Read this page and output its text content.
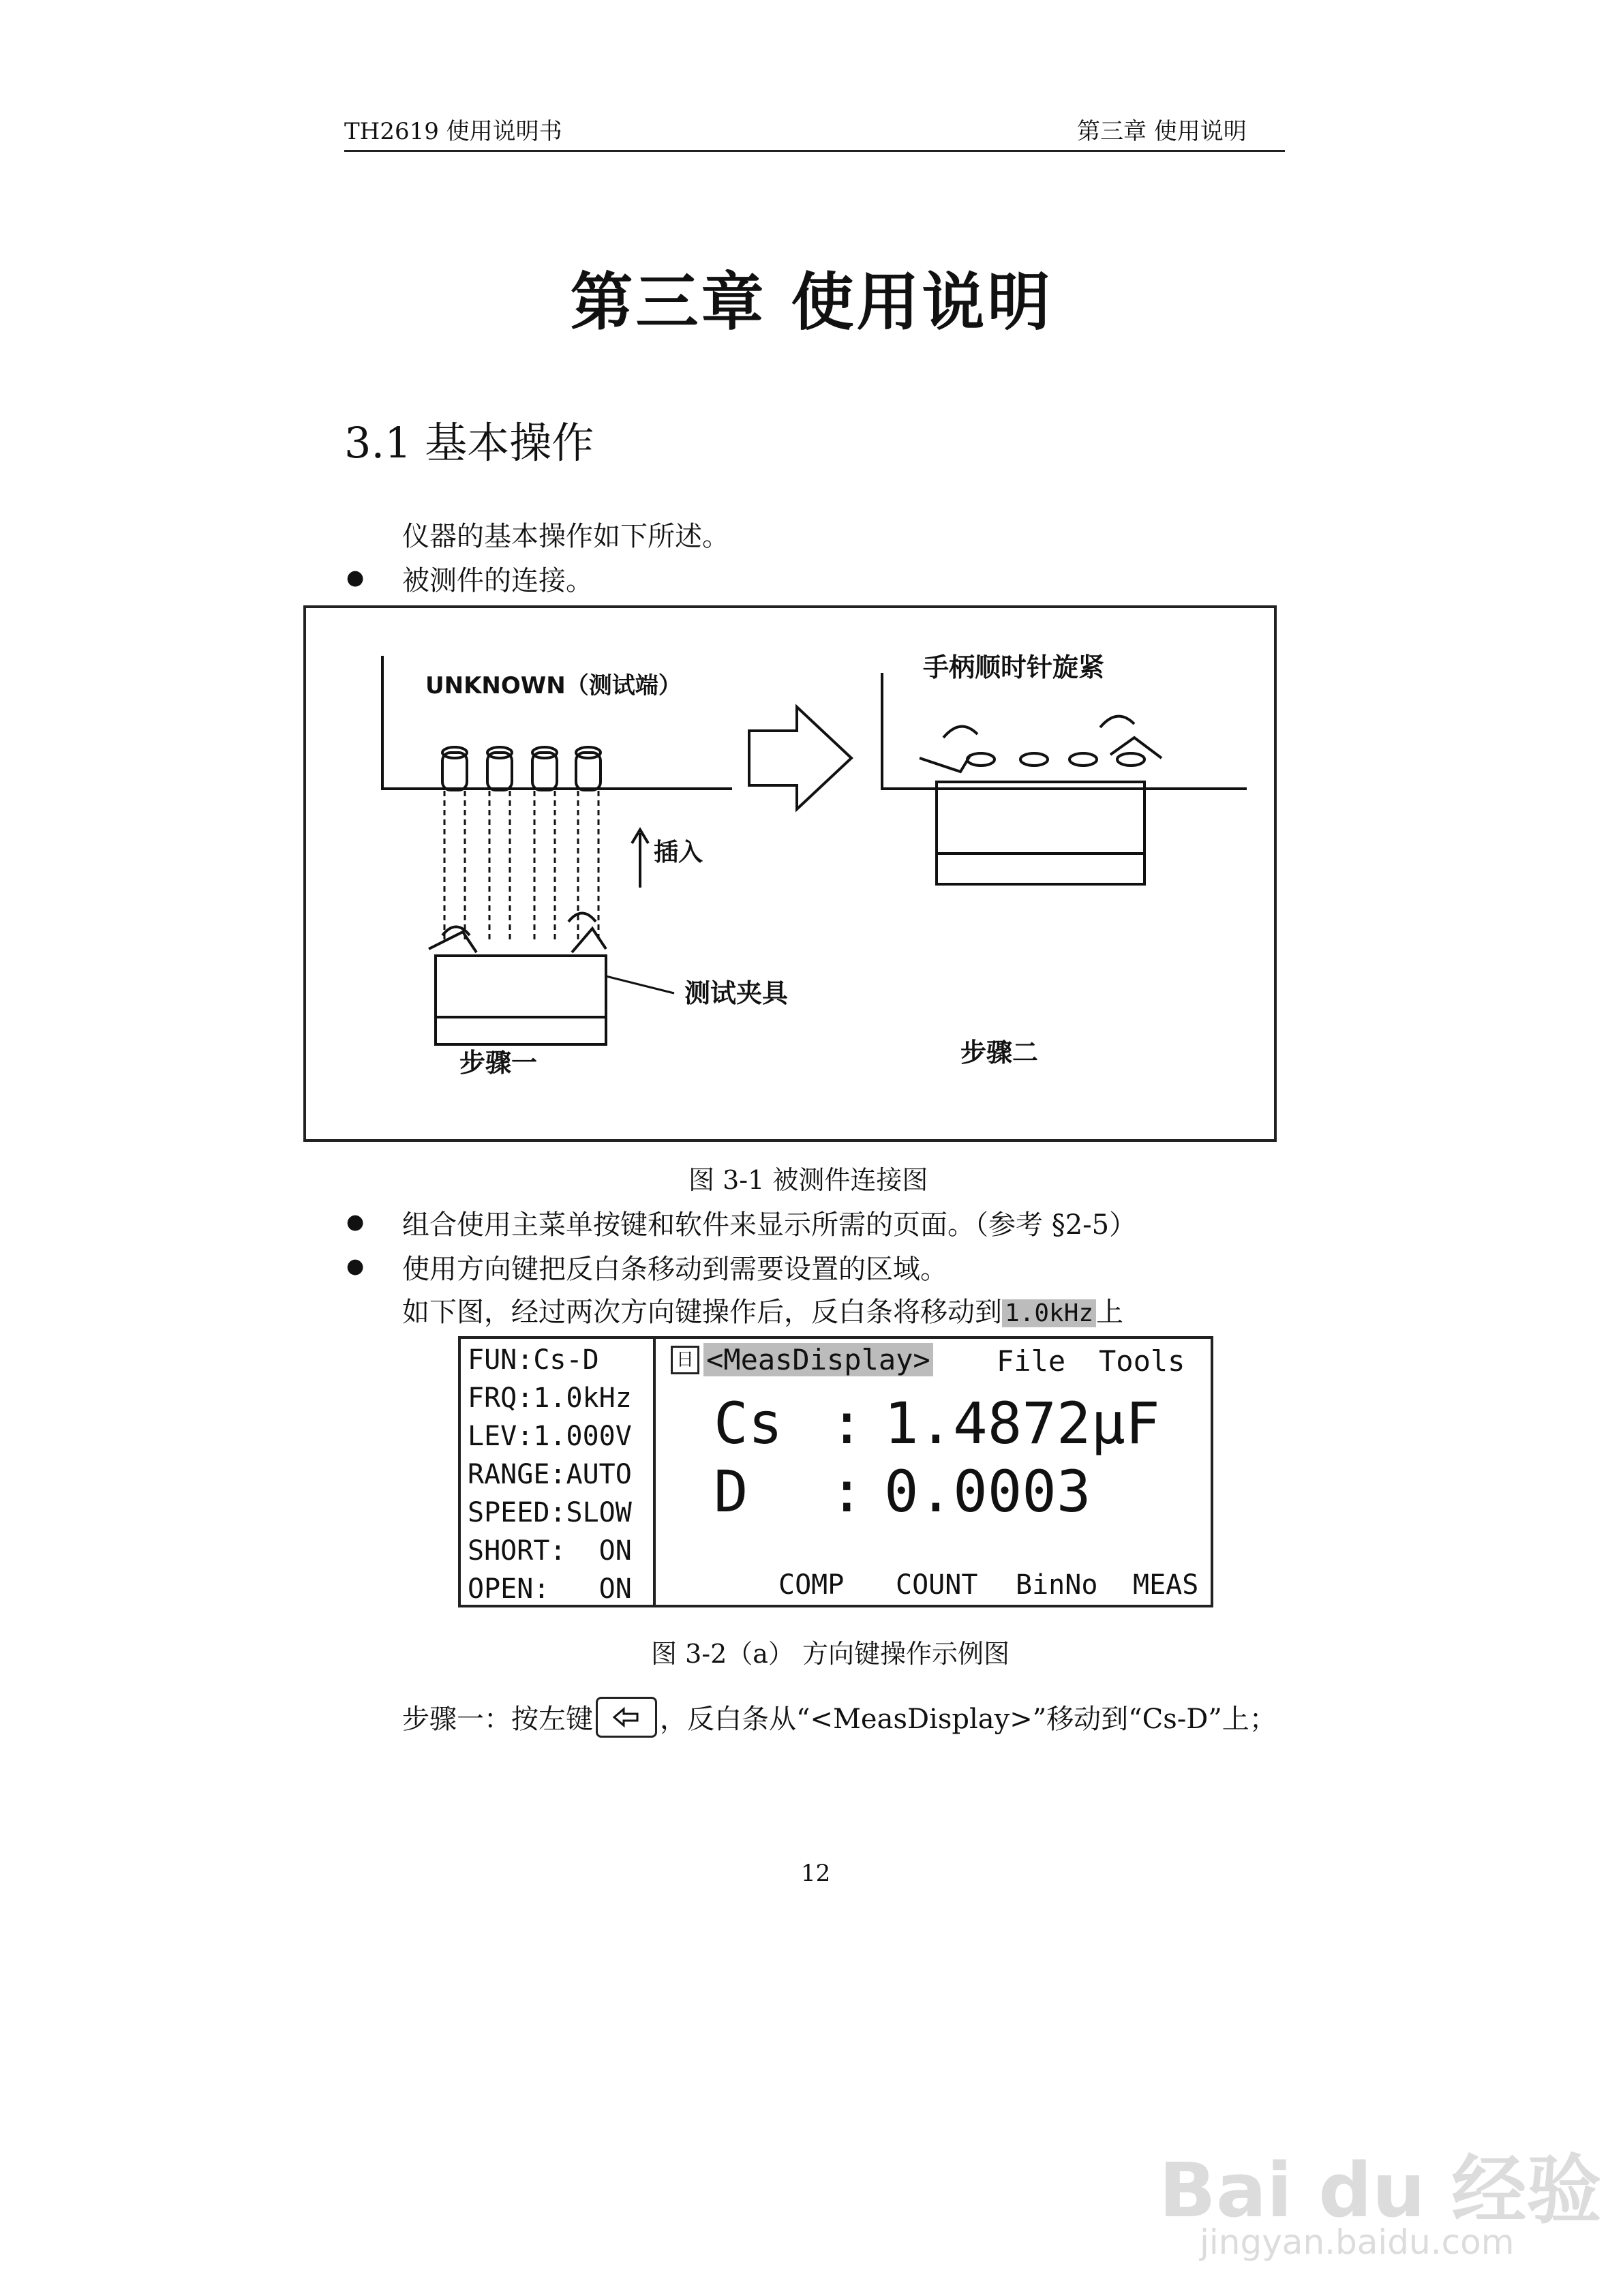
TH2619 使用说明书	第三章 使用说明
第三章 使用说明
3.1 基本操作
仪器的基本操作如下所述。
● 被测件的连接。
UNKNOWN（测试端）
手柄顺时针旋紧
插入
测试夹具
步骤一	步骤二
图 3-1 被测件连接图
● 组合使用主菜单按键和软件来显示所需的页面。（参考 §2-5）
● 使用方向键把反白条移动到需要设置的区域。
如下图，经过两次方向键操作后，反白条将移动到 1.0kHz 上
FUN:Cs-D
FRQ:1.0kHz
LEV:1.000V
RANGE:AUTO
SPEED:SLOW
SHORT:  ON
OPEN:   ON
日 <MeasDisplay> File Tools
Cs : 1.4872μF
D : 0.0003
COMP COUNT BinNo MEAS
图 3-2（a） 方向键操作示例图
步骤一：按左键 ，反白条从“<MeasDisplay>”移动到“Cs-D”上；
12
Bai du 经验
jingyan.baidu.com
